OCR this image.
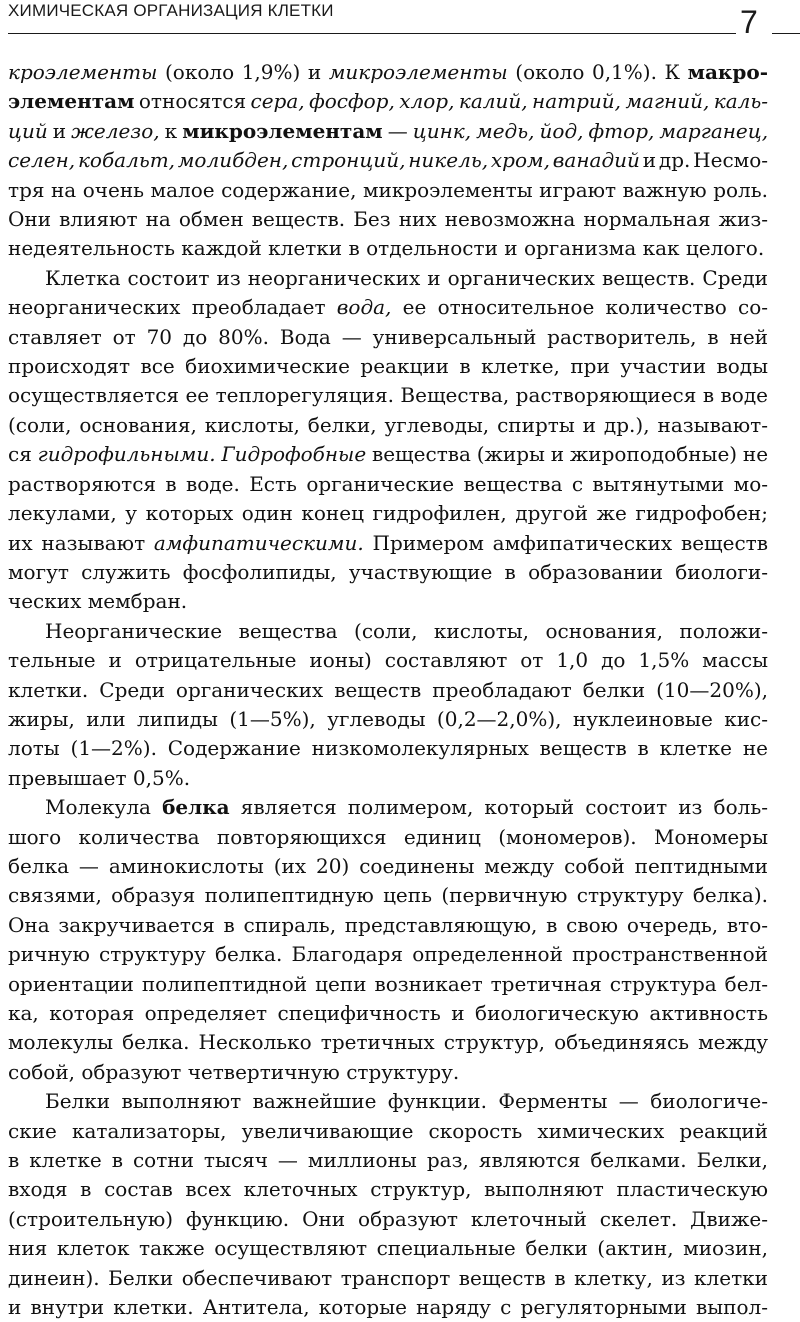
ХИМИЧЕСКАЯ ОРГАНИЗАЦИЯ КЛЕТКИ	7
кроэлементы (около 1,9%) и микроэлементы (около 0,1%). К макро-
элементам относятся сера, фосфор, хлор, калий, натрий, магний, каль-
ций и железо, к микроэлементам — цинк, медь, йод, фтор, марганец,
селен, кобальт, молибден, стронций, никель, хром, ванадий и др. Несмо-
тря на очень малое содержание, микроэлементы играют важную роль.
Они влияют на обмен веществ. Без них невозможна нормальная жиз-
недеятельность каждой клетки в отдельности и организма как целого.
Клетка состоит из неорганических и органических веществ. Среди
неорганических преобладает вода, ее относительное количество со-
ставляет от 70 до 80%. Вода — универсальный растворитель, в ней
происходят все биохимические реакции в клетке, при участии воды
осуществляется ее теплорегуляция. Вещества, растворяющиеся в воде
(соли, основания, кислоты, белки, углеводы, спирты и др.), называют-
ся гидрофильными. Гидрофобные вещества (жиры и жироподобные) не
растворяются в воде. Есть органические вещества с вытянутыми мо-
лекулами, у которых один конец гидрофилен, другой же гидрофобен;
их называют амфипатическими. Примером амфипатических веществ
могут служить фосфолипиды, участвующие в образовании биологи-
ческих мембран.
Неорганические вещества (соли, кислоты, основания, положи-
тельные и отрицательные ионы) составляют от 1,0 до 1,5% массы
клетки. Среди органических веществ преобладают белки (10—20%),
жиры, или липиды (1—5%), углеводы (0,2—2,0%), нуклеиновые кис-
лоты (1—2%). Содержание низкомолекулярных веществ в клетке не
превышает 0,5%.
Молекула белка является полимером, который состоит из боль-
шого количества повторяющихся единиц (мономеров). Мономеры
белка — аминокислоты (их 20) соединены между собой пептидными
связями, образуя полипептидную цепь (первичную структуру белка).
Она закручивается в спираль, представляющую, в свою очередь, вто-
ричную структуру белка. Благодаря определенной пространственной
ориентации полипептидной цепи возникает третичная структура бел-
ка, которая определяет специфичность и биологическую активность
молекулы белка. Несколько третичных структур, объединяясь между
собой, образуют четвертичную структуру.
Белки выполняют важнейшие функции. Ферменты — биологиче-
ские катализаторы, увеличивающие скорость химических реакций
в клетке в сотни тысяч — миллионы раз, являются белками. Белки,
входя в состав всех клеточных структур, выполняют пластическую
(строительную) функцию. Они образуют клеточный скелет. Движе-
ния клеток также осуществляют специальные белки (актин, миозин,
динеин). Белки обеспечивают транспорт веществ в клетку, из клетки
и внутри клетки. Антитела, которые наряду с регуляторными выпол-
